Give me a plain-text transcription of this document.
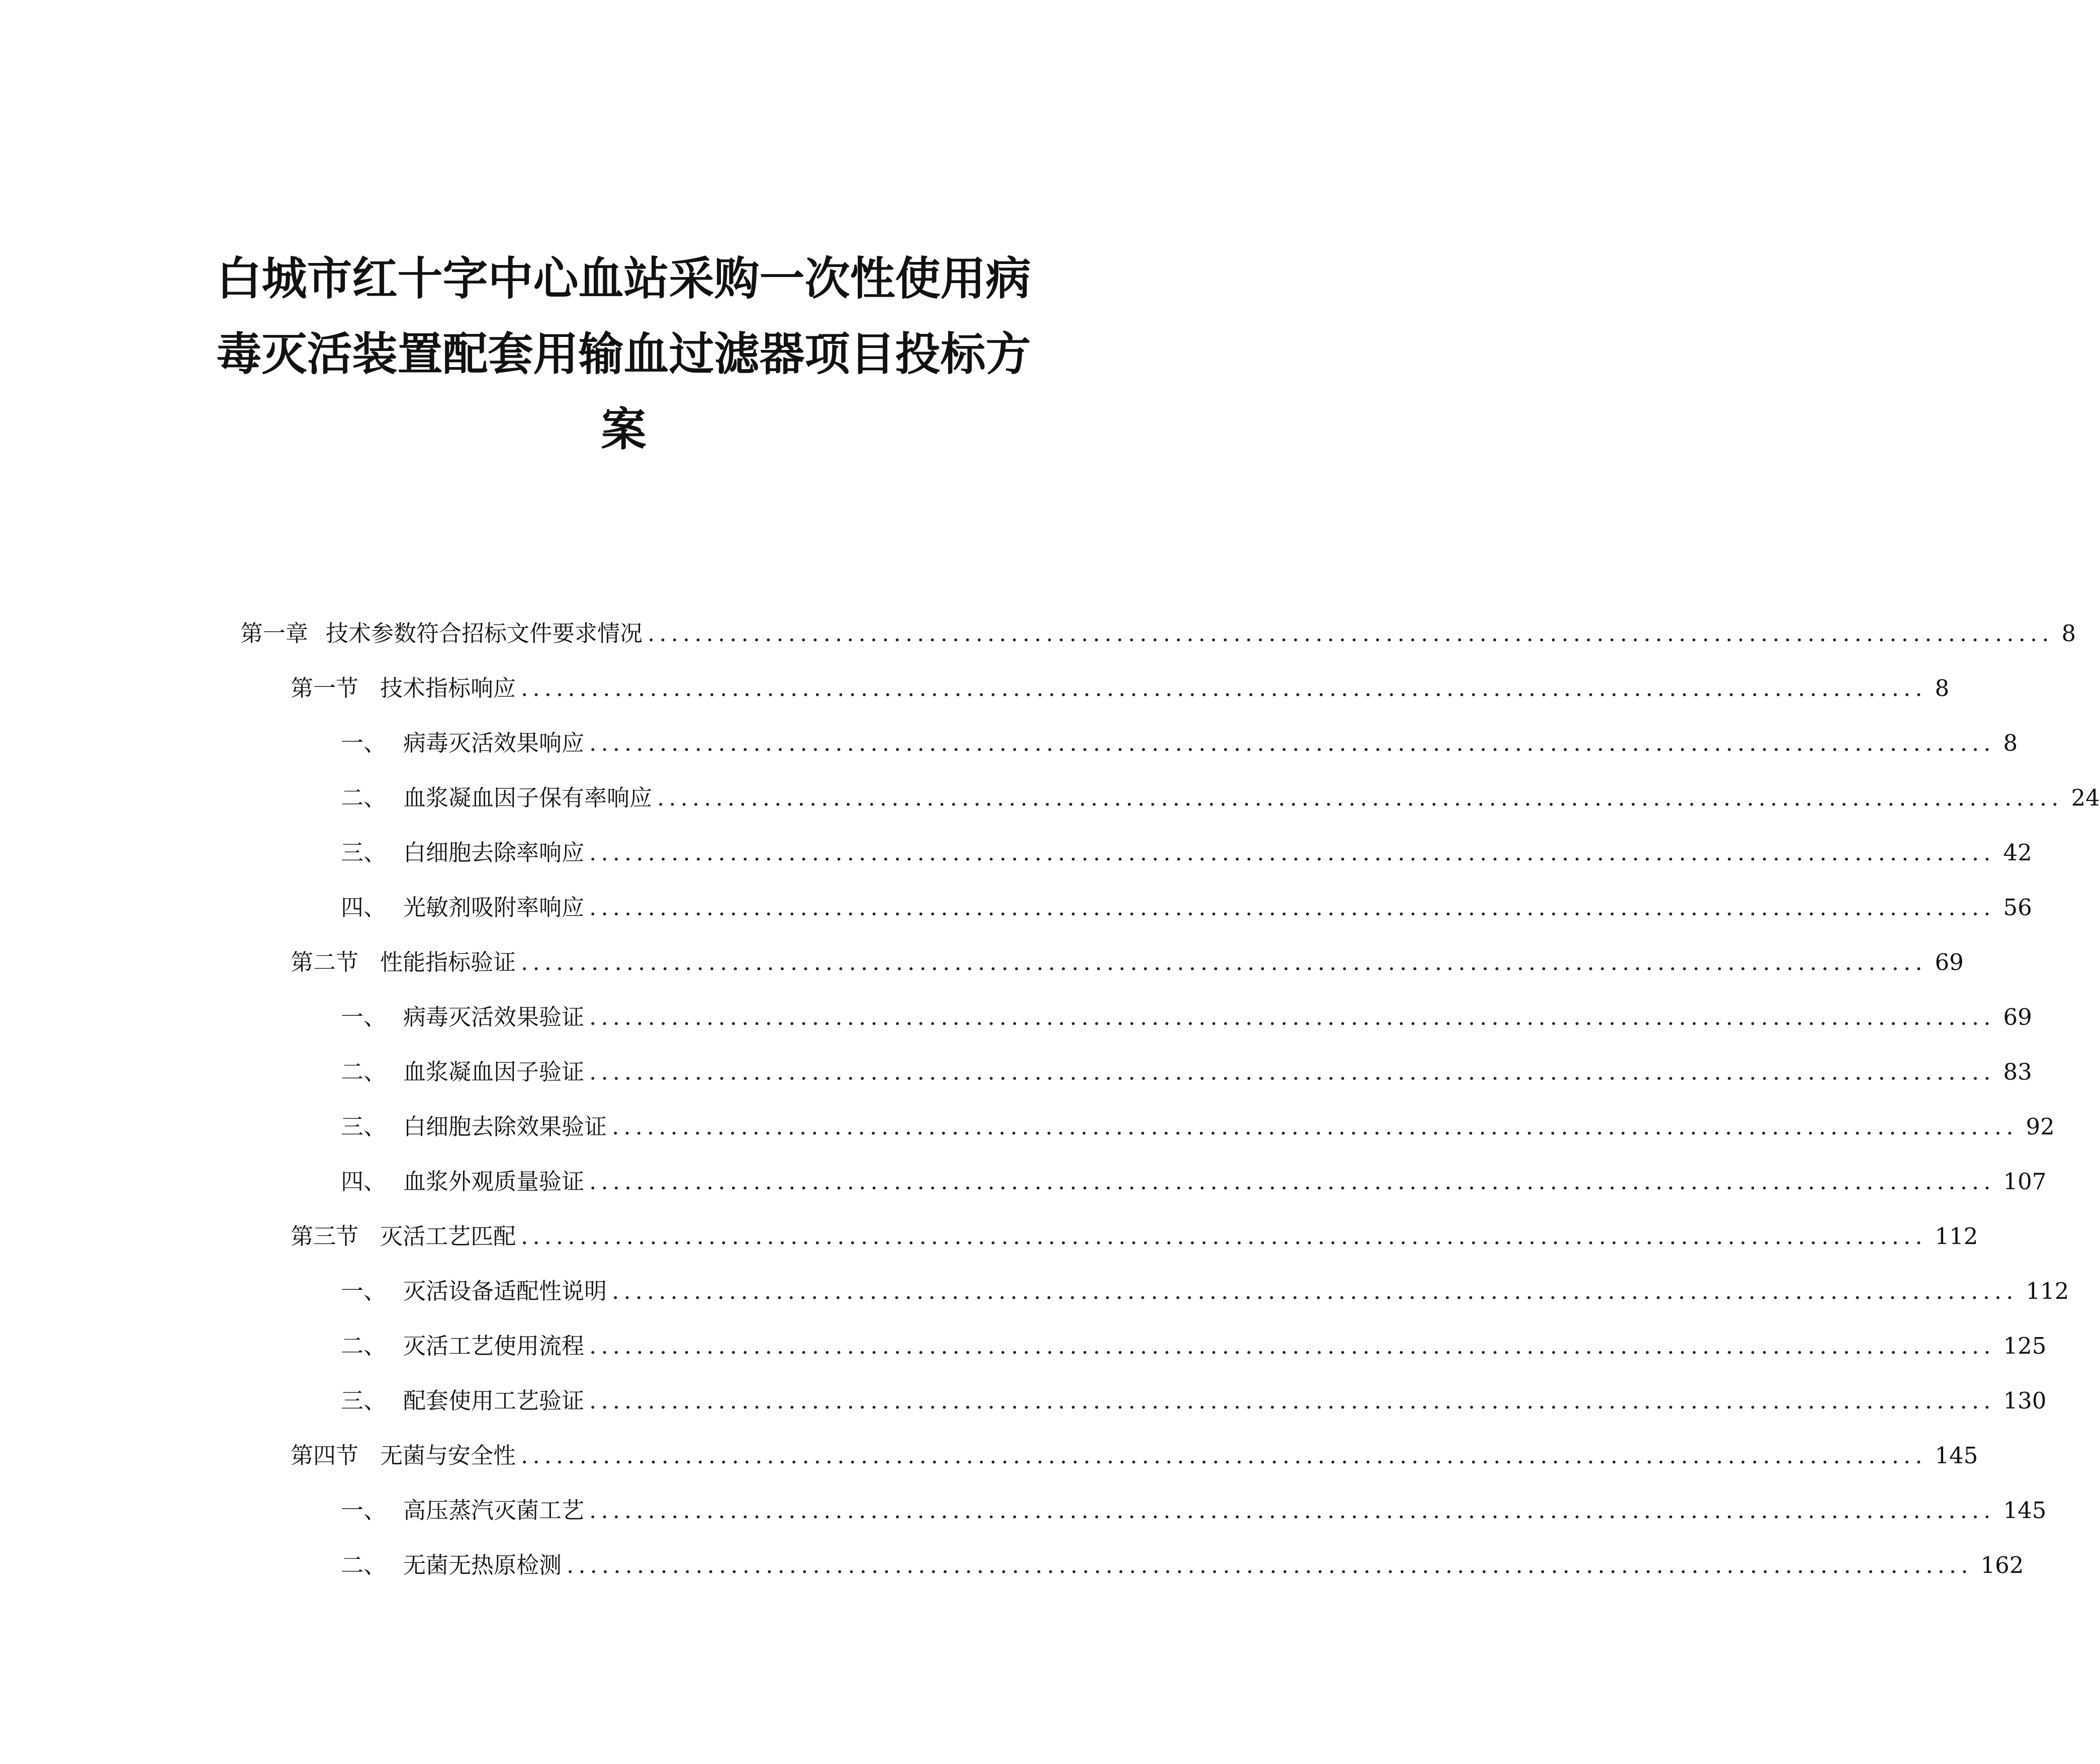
白城市红十字中心血站采购一次性使用病
毒灭活装置配套用输血过滤器项目投标方
案
第一章 技术参数符合招标文件要求情况 ........................................................................................................................ 8
第一节 技术指标响应 ........................................................................................................................ 8
一、 病毒灭活效果响应 ........................................................................................................................ 8
二、 血浆凝血因子保有率响应 ........................................................................................................................ 24
三、 白细胞去除率响应 ........................................................................................................................ 42
四、 光敏剂吸附率响应 ........................................................................................................................ 56
第二节 性能指标验证 ........................................................................................................................ 69
一、 病毒灭活效果验证 ........................................................................................................................ 69
二、 血浆凝血因子验证 ........................................................................................................................ 83
三、 白细胞去除效果验证 ........................................................................................................................ 92
四、 血浆外观质量验证 ........................................................................................................................ 107
第三节 灭活工艺匹配 ........................................................................................................................ 112
一、 灭活设备适配性说明 ........................................................................................................................ 112
二、 灭活工艺使用流程 ........................................................................................................................ 125
三、 配套使用工艺验证 ........................................................................................................................ 130
第四节 无菌与安全性 ........................................................................................................................ 145
一、 高压蒸汽灭菌工艺 ........................................................................................................................ 145
二、 无菌无热原检测 ........................................................................................................................ 162
